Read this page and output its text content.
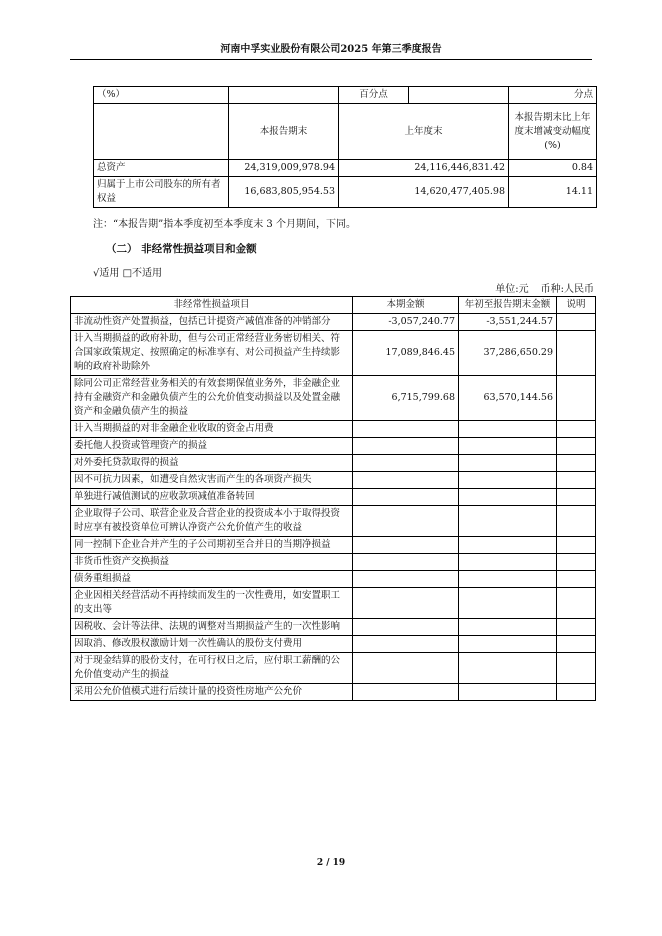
河南中孚实业股份有限公司2025 年第三季度报告
（%）		百分点		分点
	本报告期末	上年度末		本报告期末比上年度末增减变动幅度(%)
总资产	24,319,009,978.94	24,116,446,831.42		0.84
归属于上市公司股东的所有者权益	16,683,805,954.53	14,620,477,405.98		14.11
注：“本报告期”指本季度初至本季度末 3 个月期间，下同。
（二） 非经常性损益项目和金额
√适用 □不适用
单位:元 币种:人民币
非经常性损益项目	本期金额	年初至报告期末金额	说明
非流动性资产处置损益，包括已计提资产减值准备的冲销部分	-3,057,240.77	-3,551,244.57	
计入当期损益的政府补助，但与公司正常经营业务密切相关、符合国家政策规定、按照确定的标准享有、对公司损益产生持续影响的政府补助除外	17,089,846.45	37,286,650.29	
除同公司正常经营业务相关的有效套期保值业务外，非金融企业持有金融资产和金融负债产生的公允价值变动损益以及处置金融资产和金融负债产生的损益	6,715,799.68	63,570,144.56	
计入当期损益的对非金融企业收取的资金占用费			
委托他人投资或管理资产的损益			
对外委托贷款取得的损益			
因不可抗力因素，如遭受自然灾害而产生的各项资产损失			
单独进行减值测试的应收款项减值准备转回			
企业取得子公司、联营企业及合营企业的投资成本小于取得投资时应享有被投资单位可辨认净资产公允价值产生的收益			
同一控制下企业合并产生的子公司期初至合并日的当期净损益			
非货币性资产交换损益			
债务重组损益			
企业因相关经营活动不再持续而发生的一次性费用，如安置职工的支出等			
因税收、会计等法律、法规的调整对当期损益产生的一次性影响			
因取消、修改股权激励计划一次性确认的股份支付费用			
对于现金结算的股份支付，在可行权日之后，应付职工薪酬的公允价值变动产生的损益			
采用公允价值模式进行后续计量的投资性房地产公允价			
2 / 19
